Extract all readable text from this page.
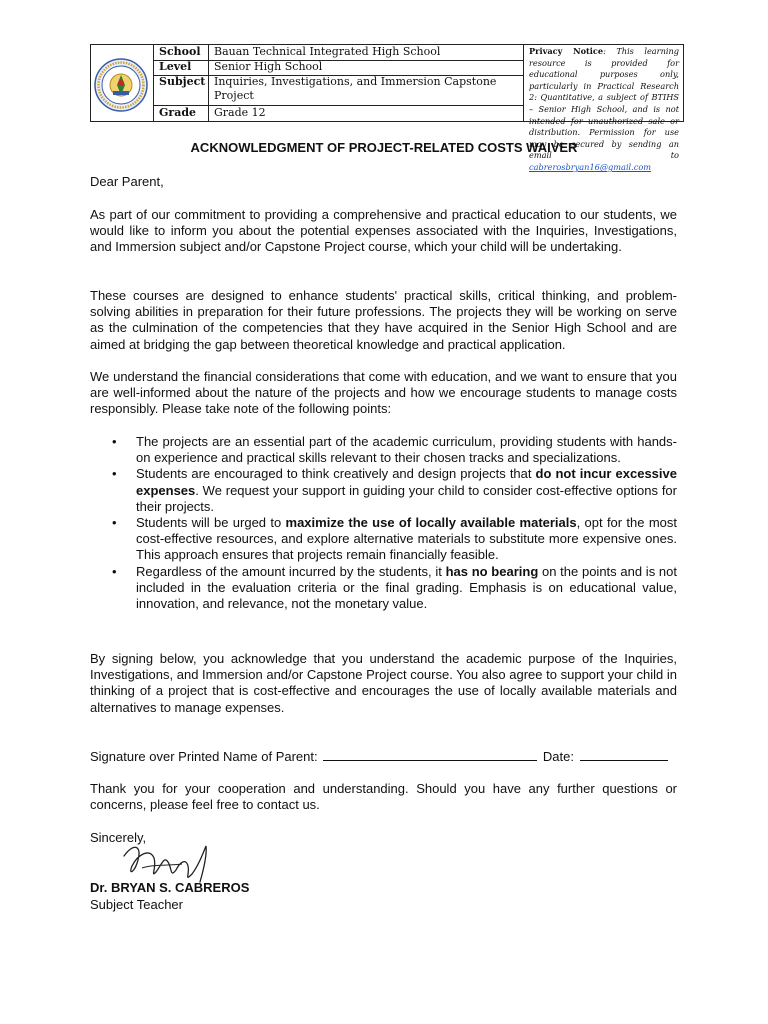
School	Bauan Technical Integrated High School
Level	Senior High School
Subject Inquiries, Investigations, and Immersion Capstone Project
Grade	Grade 12
Privacy Notice: This learning resource is provided for educational purposes only, particularly in Practical Research 2: Quantitative, a subject of BTIHS – Senior High School, and is not intended for unauthorized sale or distribution. Permission for use may be secured by sending an email to cabrerosbryan16@gmail.com
ACKNOWLEDGMENT OF PROJECT-RELATED COSTS WAIVER
Dear Parent,
As part of our commitment to providing a comprehensive and practical education to our students, we would like to inform you about the potential expenses associated with the Inquiries, Investigations, and Immersion subject and/or Capstone Project course, which your child will be undertaking.
These courses are designed to enhance students' practical skills, critical thinking, and problem-solving abilities in preparation for their future professions. The projects they will be working on serve as the culmination of the competencies that they have acquired in the Senior High School and are aimed at bridging the gap between theoretical knowledge and practical application.
We understand the financial considerations that come with education, and we want to ensure that you are well-informed about the nature of the projects and how we encourage students to manage costs responsibly. Please take note of the following points:
• The projects are an essential part of the academic curriculum, providing students with hands-on experience and practical skills relevant to their chosen tracks and specializations.
• Students are encouraged to think creatively and design projects that do not incur excessive expenses. We request your support in guiding your child to consider cost-effective options for their projects.
• Students will be urged to maximize the use of locally available materials, opt for the most cost-effective resources, and explore alternative materials to substitute more expensive ones. This approach ensures that projects remain financially feasible.
• Regardless of the amount incurred by the students, it has no bearing on the points and is not included in the evaluation criteria or the final grading. Emphasis is on educational value, innovation, and relevance, not the monetary value.
By signing below, you acknowledge that you understand the academic purpose of the Inquiries, Investigations, and Immersion and/or Capstone Project course. You also agree to support your child in thinking of a project that is cost-effective and encourages the use of locally available materials and alternatives to manage expenses.
Signature over Printed Name of Parent:	Date:
Thank you for your cooperation and understanding. Should you have any further questions or concerns, please feel free to contact us.
Sincerely,
Dr. BRYAN S. CABREROS
Subject Teacher
